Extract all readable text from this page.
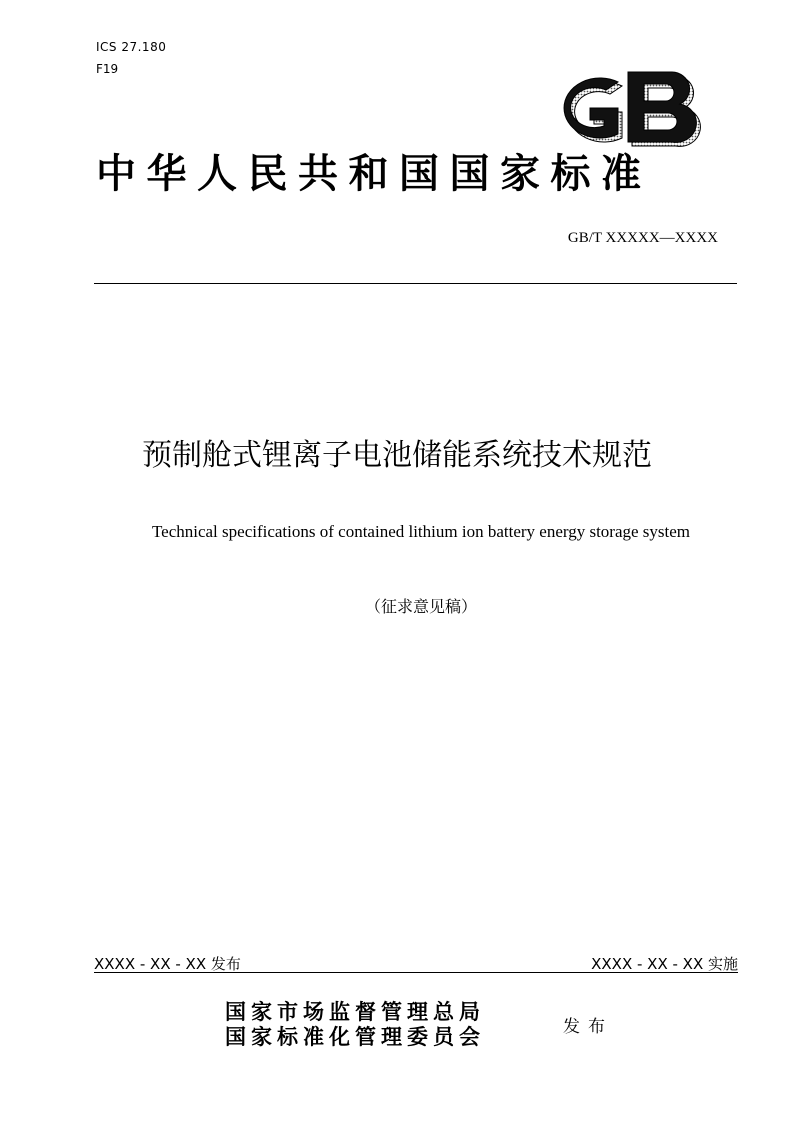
ICS 27.180
F19
中华人民共和国国家标准
GB/T XXXXX—XXXX
预制舱式锂离子电池储能系统技术规范
Technical specifications of contained lithium ion battery energy storage system
（征求意见稿）
XXXX - XX - XX 发布	XXXX - XX - XX 实施
国家市场监督管理总局
国家标准化管理委员会	发布
